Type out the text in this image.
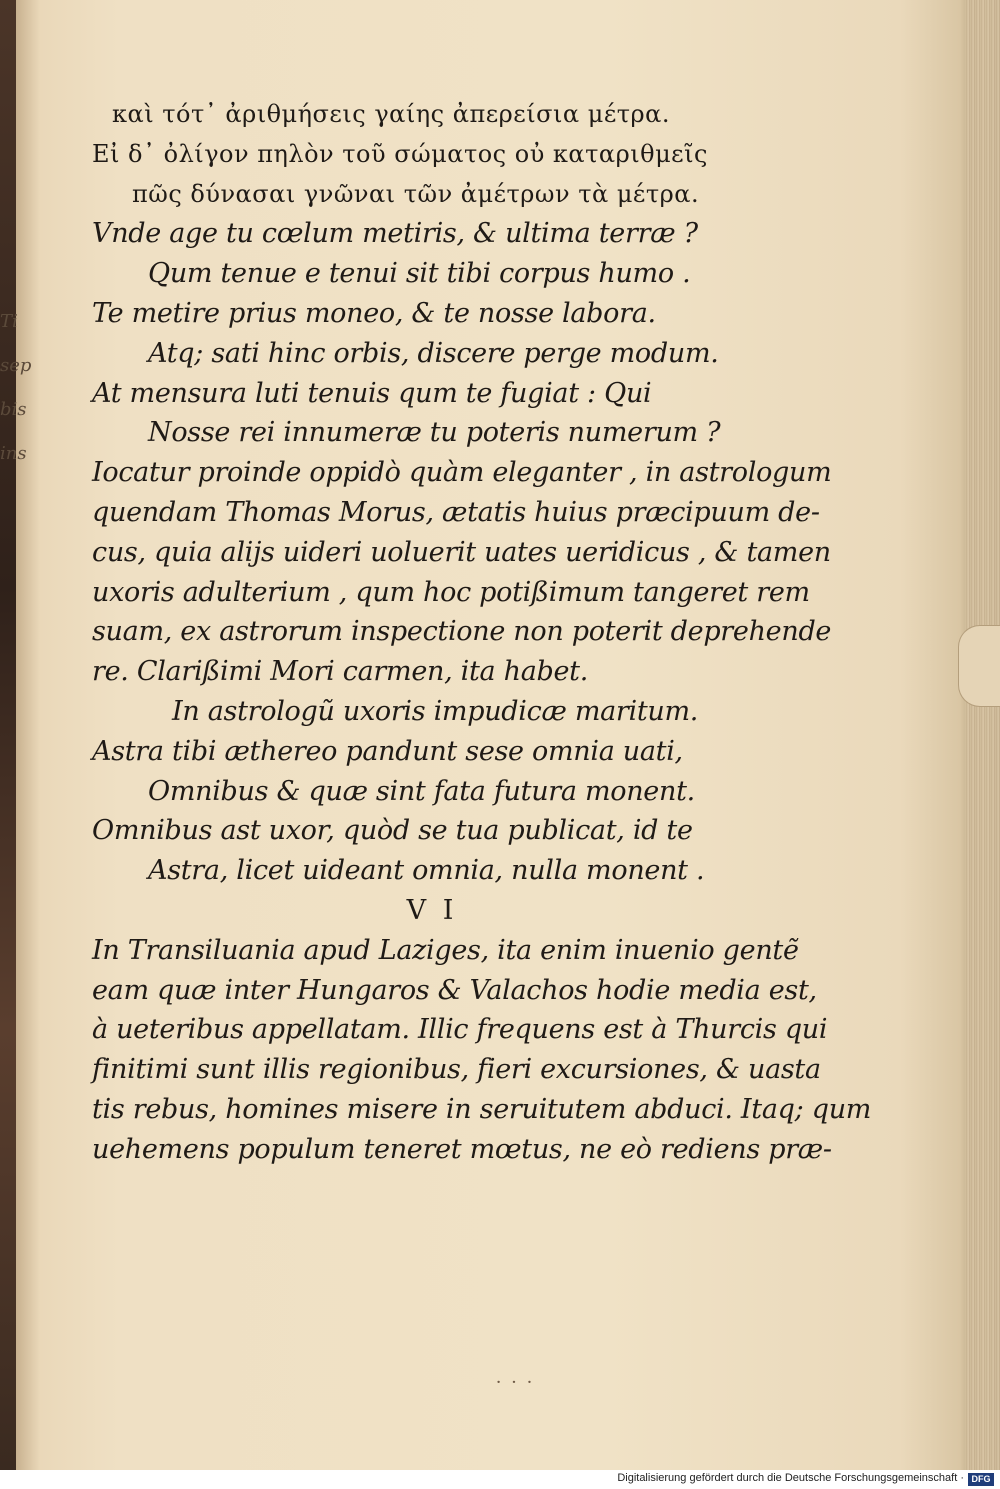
Ti
sep
bis
ins
καὶ τότ᾽ ἀριθμήσεις γαίης ἀπερείσια μέτρα.
Εἰ δ᾽ ὀλίγον πηλὸν τοῦ σώματος οὐ καταριθμεῖς
πῶς δύνασαι γνῶναι τῶν ἀμέτρων τὰ μέτρα.
Vnde age tu cœlum metiris, & ultima terræ ?
Qum tenue e tenui sit tibi corpus humo .
Te metire prius moneo, & te nosse labora.
Atq; sati hinc orbis, discere perge modum.
At mensura luti tenuis qum te fugiat : Qui
Nosse rei innumeræ tu poteris numerum ?
Iocatur proinde oppidò quàm eleganter , in astrologum
quendam Thomas Morus, ætatis huius præcipuum de-
cus, quia alijs uideri uoluerit uates ueridicus , & tamen
uxoris adulterium , qum hoc potißimum tangeret rem
suam, ex astrorum inspectione non poterit deprehende
re. Clarißimi Mori carmen, ita habet.
In astrologũ uxoris impudicæ maritum.
Astra tibi æthereo pandunt sese omnia uati,
Omnibus & quæ sint fata futura monent.
Omnibus ast uxor, quòd se tua publicat, id te
Astra, licet uideant omnia, nulla monent .
V I
In Transiluania apud Laziges, ita enim inuenio gentẽ
eam quæ inter Hungaros & Valachos hodie media est,
à ueteribus appellatam. Illic frequens est à Thurcis qui
finitimi sunt illis regionibus, fieri excursiones, & uasta
tis rebus, homines misere in seruitutem abduci. Itaq; qum
uehemens populum teneret mœtus, ne eò rediens præ-
· · ·
Digitalisierung gefördert durch die Deutsche Forschungsgemeinschaft · DFG
